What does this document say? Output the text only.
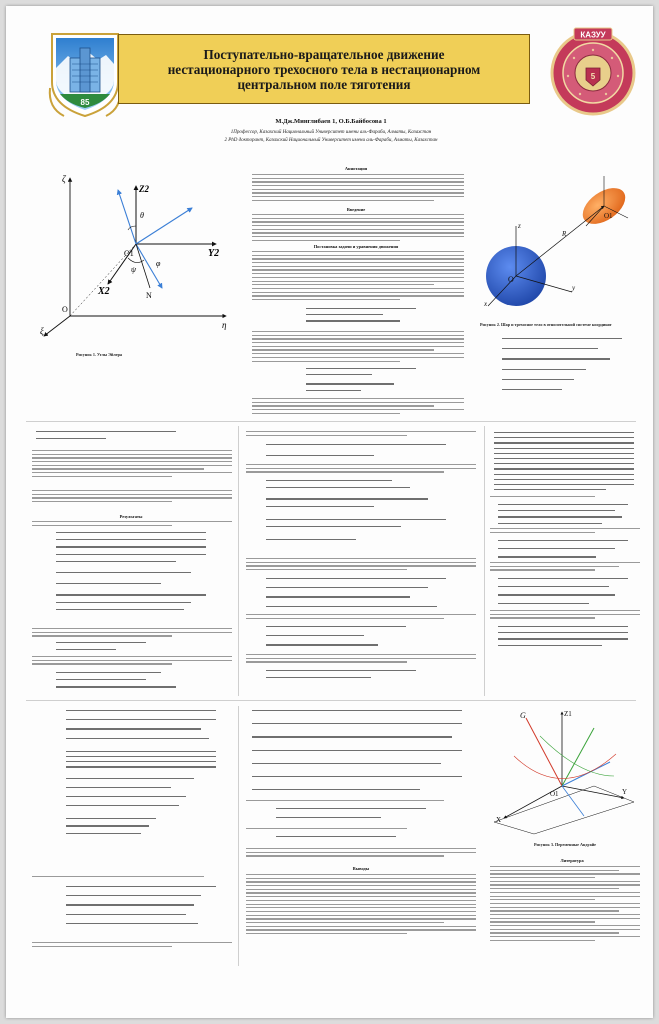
85
Поступательно-вращательное движение
нестационарного трехосного тела в нестационарном
центральном поле тяготения	5
КАЗУУ
М.Дж.Минглибаев 1, О.Б.Байбосова 1
1Профессор, Казахский Национальный Университет имени аль-Фараби, Алматы, Казахстан
2 PhD докторант, Казахский Национальный Университет имени аль-Фараби, Алматы, Казахстан
ζ
η
ξ
O
Z2
Y2
X2
O1
N
θ
ψ
φ
Рисунок 1. Углы Эйлера
Аннотация
Введение
Постановка задачи и уравнения движения
O
O1
z
y
x
R
Рисунок 2. Шар и трехосное тело в относительной системе координат
Результаты
Выводы
G	Z1
O1	Y
X
Рисунок 3. Переменные Андуайе
Литература
